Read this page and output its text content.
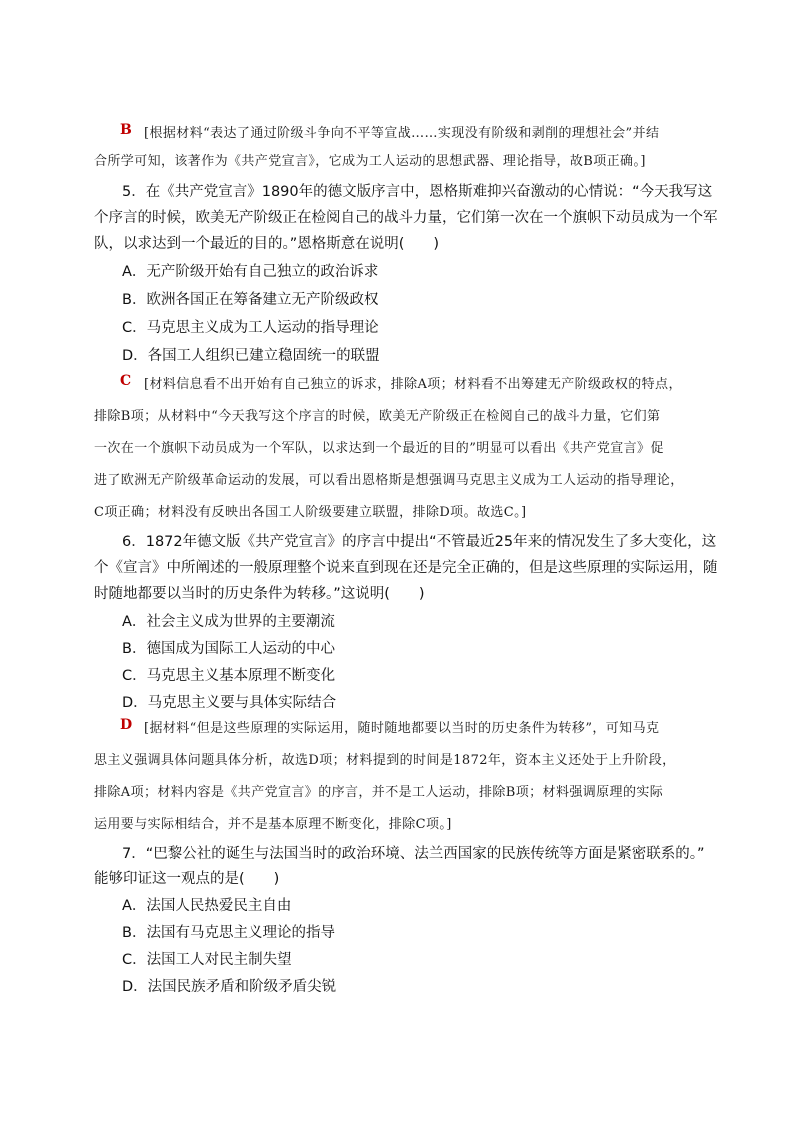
B [根据材料“表达了通过阶级斗争向不平等宣战……实现没有阶级和剥削的理想社会”并结
合所学可知，该著作为《共产党宣言》，它成为工人运动的思想武器、理论指导，故B项正确。]
5．在《共产党宣言》1890年的德文版序言中，恩格斯难抑兴奋激动的心情说：“今天我写这
个序言的时候，欧美无产阶级正在检阅自己的战斗力量，它们第一次在一个旗帜下动员成为一个军
队，以求达到一个最近的目的。”恩格斯意在说明(　　)
A．无产阶级开始有自己独立的政治诉求
B．欧洲各国正在筹备建立无产阶级政权
C．马克思主义成为工人运动的指导理论
D．各国工人组织已建立稳固统一的联盟
C [材料信息看不出开始有自己独立的诉求，排除A项；材料看不出筹建无产阶级政权的特点，
排除B项；从材料中“今天我写这个序言的时候，欧美无产阶级正在检阅自己的战斗力量，它们第
一次在一个旗帜下动员成为一个军队，以求达到一个最近的目的”明显可以看出《共产党宣言》促
进了欧洲无产阶级革命运动的发展，可以看出恩格斯是想强调马克思主义成为工人运动的指导理论，
C项正确；材料没有反映出各国工人阶级要建立联盟，排除D项。故选C。]
6．1872年德文版《共产党宣言》的序言中提出“不管最近25年来的情况发生了多大变化，这
个《宣言》中所阐述的一般原理整个说来直到现在还是完全正确的，但是这些原理的实际运用，随
时随地都要以当时的历史条件为转移。”这说明(　　)
A．社会主义成为世界的主要潮流
B．德国成为国际工人运动的中心
C．马克思主义基本原理不断变化
D．马克思主义要与具体实际结合
D [据材料“但是这些原理的实际运用，随时随地都要以当时的历史条件为转移”，可知马克
思主义强调具体问题具体分析，故选D项；材料提到的时间是1872年，资本主义还处于上升阶段，
排除A项；材料内容是《共产党宣言》的序言，并不是工人运动，排除B项；材料强调原理的实际
运用要与实际相结合，并不是基本原理不断变化，排除C项。]
7．“巴黎公社的诞生与法国当时的政治环境、法兰西国家的民族传统等方面是紧密联系的。”
能够印证这一观点的是(　　)
A．法国人民热爱民主自由
B．法国有马克思主义理论的指导
C．法国工人对民主制失望
D．法国民族矛盾和阶级矛盾尖锐
